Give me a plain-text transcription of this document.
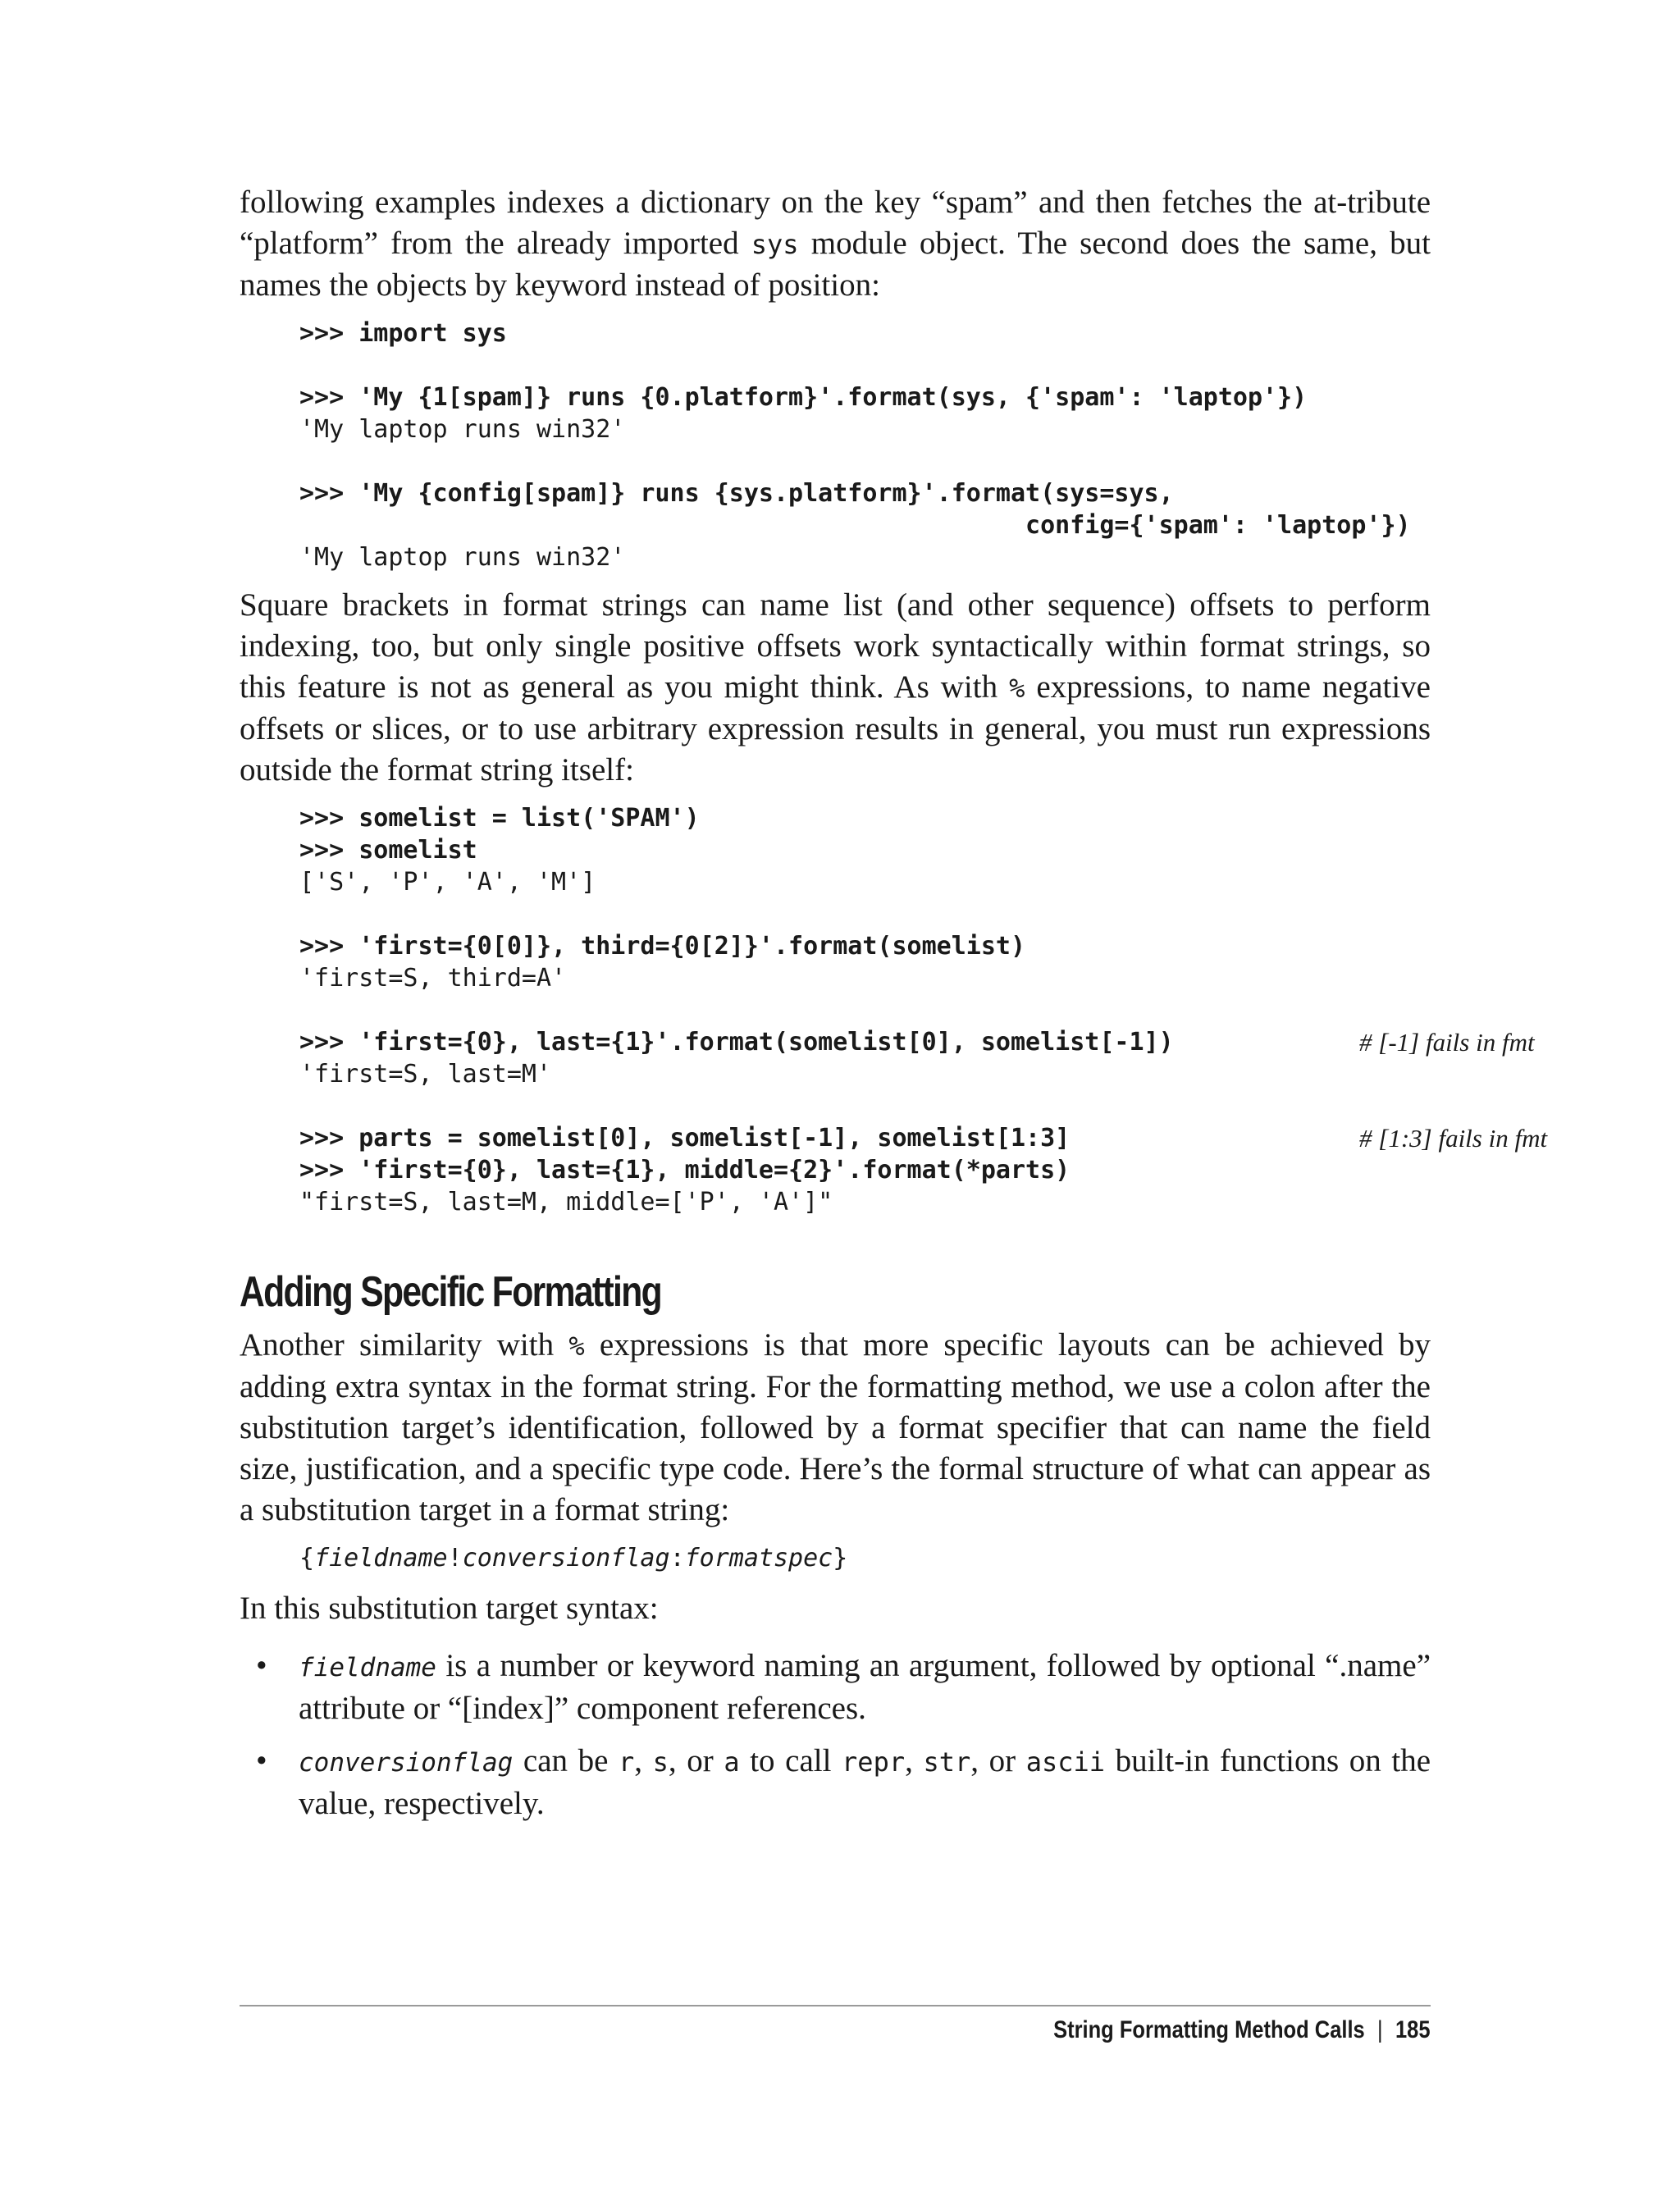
following examples indexes a dictionary on the key “spam” and then fetches the at-tribute “platform” from the already imported sys module object. The second does the same, but names the objects by keyword instead of position:

>>> import sys
>>> 'My {1[spam]} runs {0.platform}'.format(sys, {'spam': 'laptop'})
'My laptop runs win32'
>>> 'My {config[spam]} runs {sys.platform}'.format(sys=sys,
config={'spam': 'laptop'})
'My laptop runs win32'

Square brackets in format strings can name list (and other sequence) offsets to perform indexing, too, but only single positive offsets work syntactically within format strings, so this feature is not as general as you might think. As with % expressions, to name negative offsets or slices, or to use arbitrary expression results in general, you must run expressions outside the format string itself:

>>> somelist = list('SPAM')
>>> somelist
['S', 'P', 'A', 'M']
>>> 'first={0[0]}, third={0[2]}'.format(somelist)
'first=S, third=A'
>>> 'first={0}, last={1}'.format(somelist[0], somelist[-1])	# [-1] fails in fmt
'first=S, last=M'
>>> parts = somelist[0], somelist[-1], somelist[1:3]	# [1:3] fails in fmt
>>> 'first={0}, last={1}, middle={2}'.format(*parts)
"first=S, last=M, middle=['P', 'A']"
Adding Specific Formatting

Another similarity with % expressions is that more specific layouts can be achieved by adding extra syntax in the format string. For the formatting method, we use a colon after the substitution target’s identification, followed by a format specifier that can name the field size, justification, and a specific type code. Here’s the formal structure of what can appear as a substitution target in a format string:

{fieldname!conversionflag:formatspec}

In this substitution target syntax:

• fieldname is a number or keyword naming an argument, followed by optional “.name” attribute or “[index]” component references.
• conversionflag can be r, s, or a to call repr, str, or ascii built-in functions on the value, respectively.
String Formatting Method Calls | 185
